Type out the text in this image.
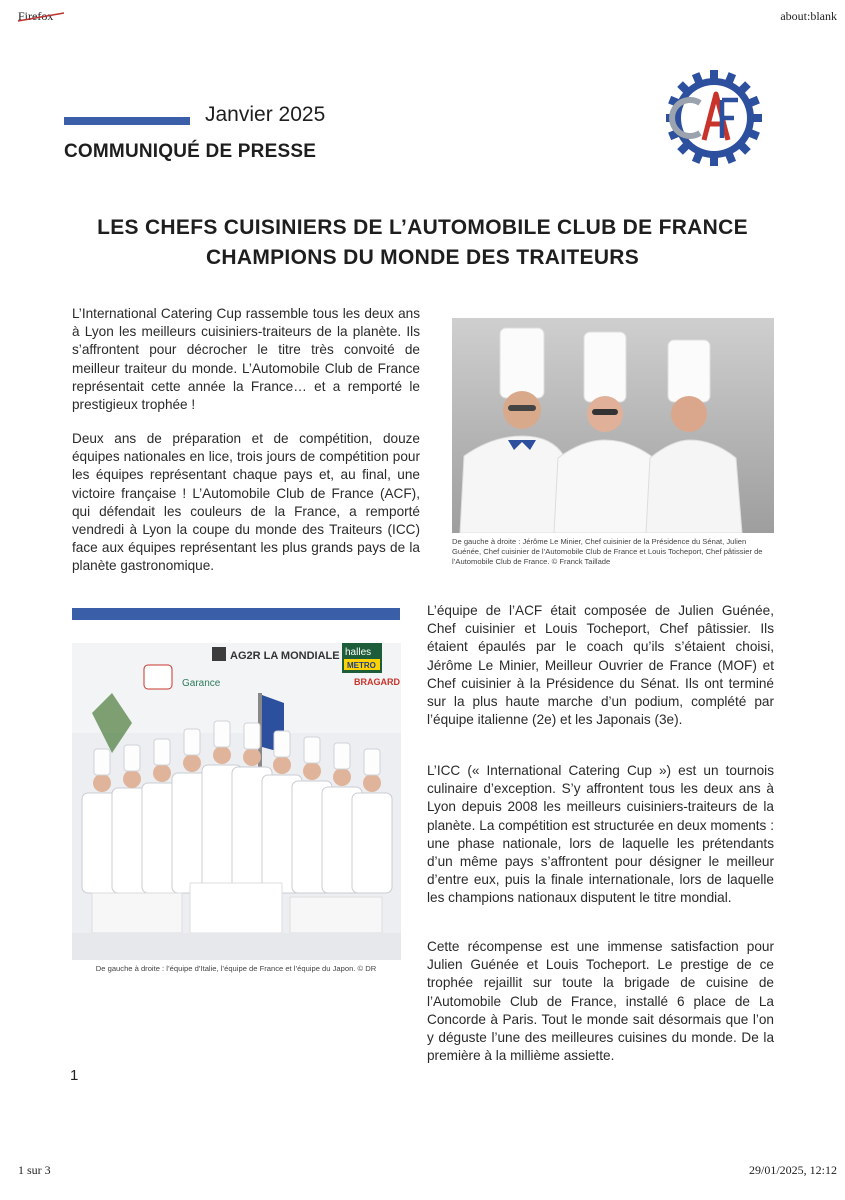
Firefox	about:blank
1 sur 3	29/01/2025, 12:12
Janvier 2025
COMMUNIQUÉ DE PRESSE
LES CHEFS CUISINIERS DE L’AUTOMOBILE CLUB DE FRANCE
CHAMPIONS DU MONDE DES TRAITEURS

L’International Catering Cup rassemble tous les deux ans à Lyon les meilleurs cuisiniers-traiteurs de la planète. Ils s’affrontent pour décrocher le titre très convoité de meilleur traiteur du monde. L’Automobile Club de France représentait cette année la France… et a remporté le prestigieux trophée !

Deux ans de préparation et de compétition, douze équipes nationales en lice, trois jours de compétition pour les équipes représentant chaque pays et, au final, une victoire française ! L’Automobile Club de France (ACF), qui défendait les couleurs de la France, a remporté vendredi à Lyon la coupe du monde des Traiteurs (ICC) face aux équipes représentant les plus grands pays de la planète gastronomique.

De gauche à droite : Jérôme Le Minier, Chef cuisinier de la Présidence du Sénat, Julien Guénée, Chef cuisinier de l’Automobile Club de France et Louis Tocheport, Chef pâtissier de l’Automobile Club de France. © Franck Taillade

AG2R LA MONDIALE halles
METRO
Garance	BRAGARD

De gauche à droite : l’équipe d’Italie, l’équipe de France et l’équipe du Japon. © DR

L’équipe de l’ACF était composée de Julien Guénée, Chef cuisinier et Louis Tocheport, Chef pâtissier. Ils étaient épaulés par le coach qu’ils s’étaient choisi, Jérôme Le Minier, Meilleur Ouvrier de France (MOF) et Chef cuisinier à la Présidence du Sénat. Ils ont terminé sur la plus haute marche d’un podium, complété par l’équipe italienne (2e) et les Japonais (3e).

L’ICC (« International Catering Cup ») est un tournois culinaire d’exception. S’y affrontent tous les deux ans à Lyon depuis 2008 les meilleurs cuisiniers-traiteurs de la planète. La compétition est structurée en deux moments : une phase nationale, lors de laquelle les prétendants d’un même pays s’affrontent pour désigner le meilleur d’entre eux, puis la finale internationale, lors de laquelle les champions nationaux disputent le titre mondial.

Cette récompense est une immense satisfaction pour Julien Guénée et Louis Tocheport. Le prestige de ce trophée rejaillit sur toute la brigade de cuisine de l’Automobile Club de France, installé 6 place de La Concorde à Paris. Tout le monde sait désormais que l’on y déguste l’une des meilleures cuisines du monde. De la première à la millième assiette.

1
